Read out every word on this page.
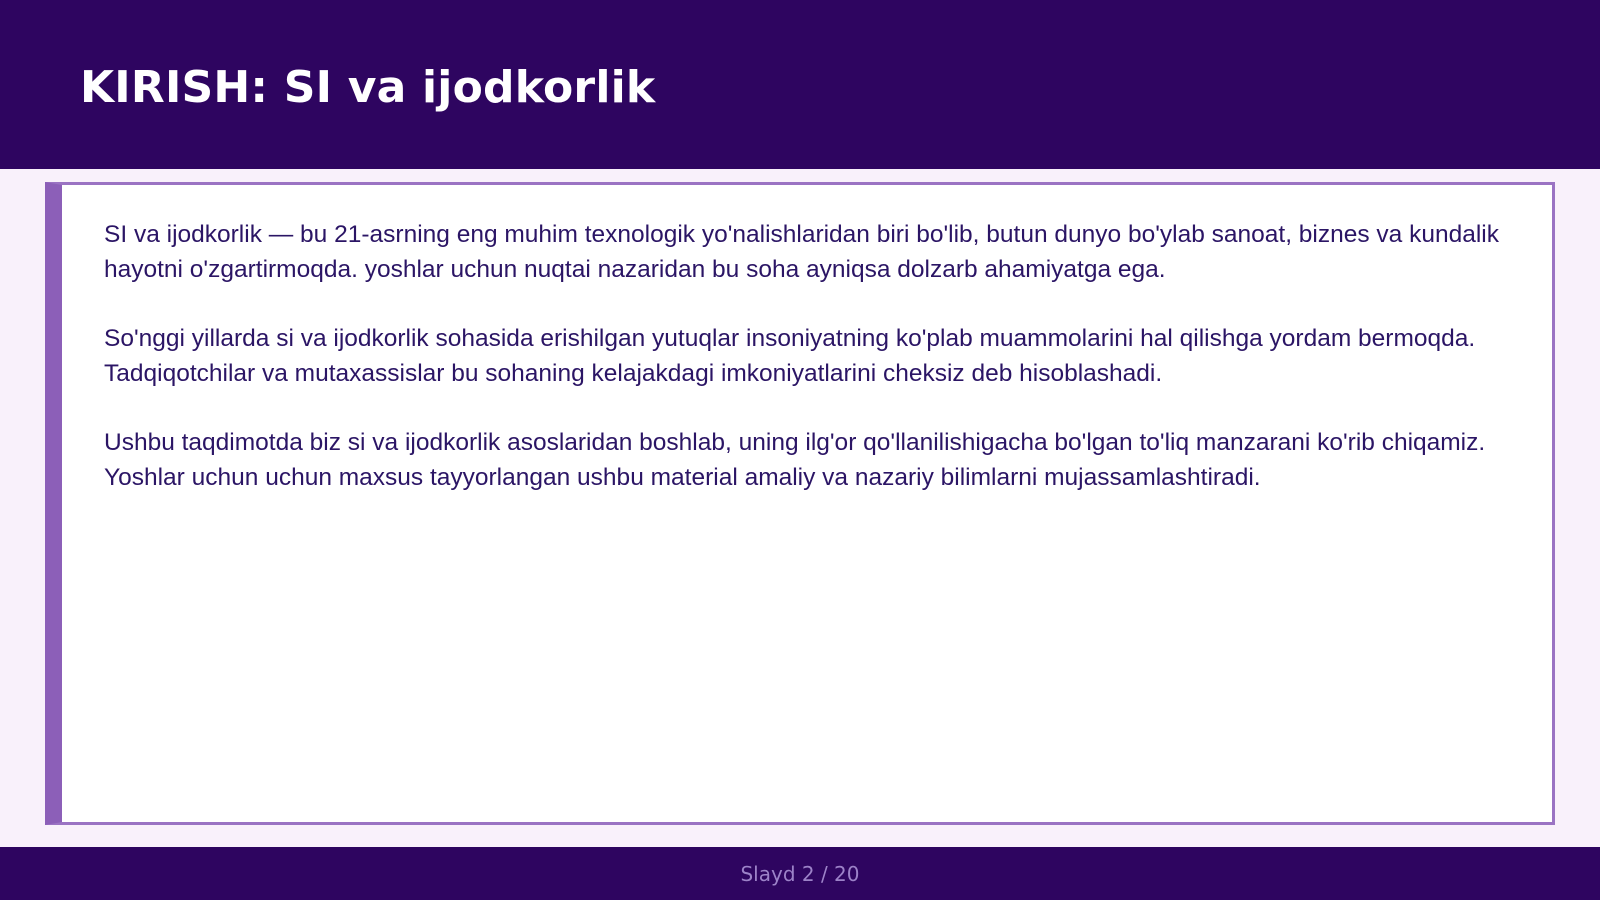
KIRISH: SI va ijodkorlik

SI va ijodkorlik — bu 21-asrning eng muhim texnologik yo'nalishlaridan biri bo'lib, butun dunyo bo'ylab sanoat, biznes va kundalik hayotni o'zgartirmoqda. yoshlar uchun nuqtai nazaridan bu soha ayniqsa dolzarb ahamiyatga ega.

So'nggi yillarda si va ijodkorlik sohasida erishilgan yutuqlar insoniyatning ko'plab muammolarini hal qilishga yordam bermoqda. Tadqiqotchilar va mutaxassislar bu sohaning kelajakdagi imkoniyatlarini cheksiz deb hisoblashadi.

Ushbu taqdimotda biz si va ijodkorlik asoslaridan boshlab, uning ilg'or qo'llanilishigacha bo'lgan to'liq manzarani ko'rib chiqamiz. Yoshlar uchun uchun maxsus tayyorlangan ushbu material amaliy va nazariy bilimlarni mujassamlashtiradi.

Slayd 2 / 20
